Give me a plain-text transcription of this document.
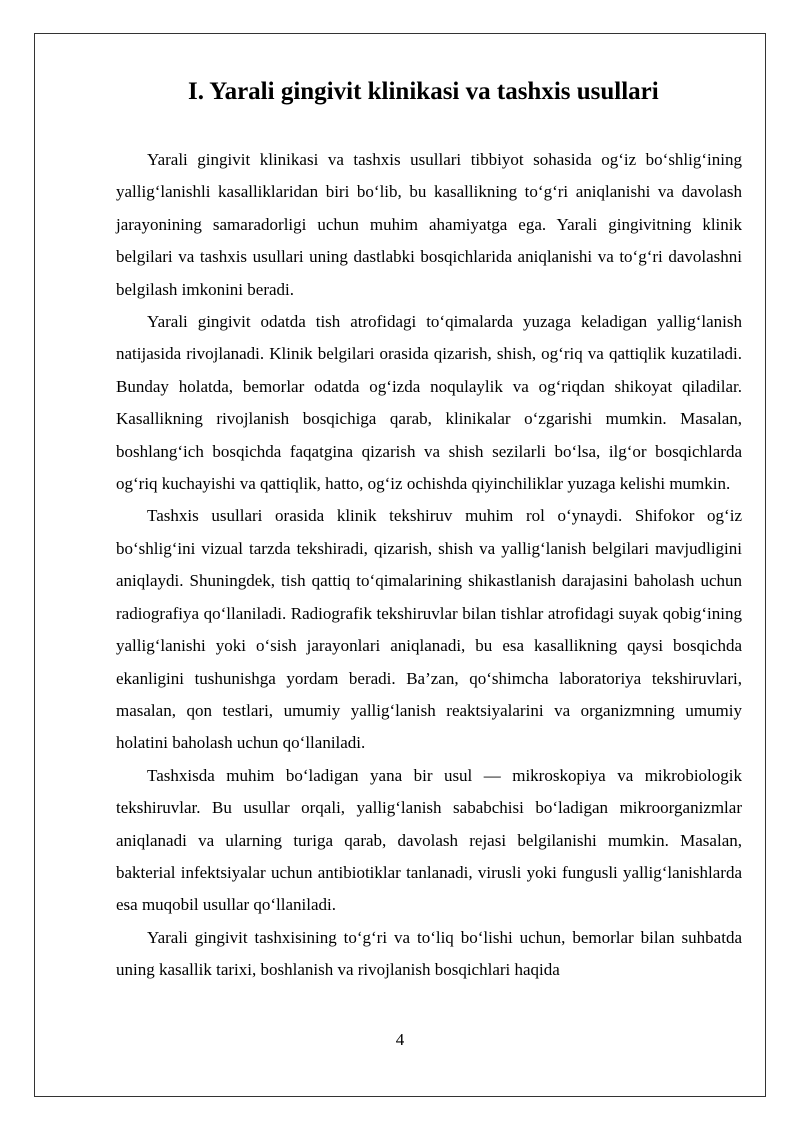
I. Yarali gingivit klinikasi va tashxis usullari

Yarali gingivit klinikasi va tashxis usullari tibbiyot sohasida og‘iz bo‘shlig‘ining yallig‘lanishli kasalliklaridan biri bo‘lib, bu kasallikning to‘g‘ri aniqlanishi va davolash jarayonining samaradorligi uchun muhim ahamiyatga ega. Yarali gingivitning klinik belgilari va tashxis usullari uning dastlabki bosqichlarida aniqlanishi va to‘g‘ri davolashni belgilash imkonini beradi.

Yarali gingivit odatda tish atrofidagi to‘qimalarda yuzaga keladigan yallig‘lanish natijasida rivojlanadi. Klinik belgilari orasida qizarish, shish, og‘riq va qattiqlik kuzatiladi. Bunday holatda, bemorlar odatda og‘izda noqulaylik va og‘riqdan shikoyat qiladilar. Kasallikning rivojlanish bosqichiga qarab, klinikalar o‘zgarishi mumkin. Masalan, boshlang‘ich bosqichda faqatgina qizarish va shish sezilarli bo‘lsa, ilg‘or bosqichlarda og‘riq kuchayishi va qattiqlik, hatto, og‘iz ochishda qiyinchiliklar yuzaga kelishi mumkin.

Tashxis usullari orasida klinik tekshiruv muhim rol o‘ynaydi. Shifokor og‘iz bo‘shlig‘ini vizual tarzda tekshiradi, qizarish, shish va yallig‘lanish belgilari mavjudligini aniqlaydi. Shuningdek, tish qattiq to‘qimalarining shikastlanish darajasini baholash uchun radiografiya qo‘llaniladi. Radiografik tekshiruvlar bilan tishlar atrofidagi suyak qobig‘ining yallig‘lanishi yoki o‘sish jarayonlari aniqlanadi, bu esa kasallikning qaysi bosqichda ekanligini tushunishga yordam beradi. Ba’zan, qo‘shimcha laboratoriya tekshiruvlari, masalan, qon testlari, umumiy yallig‘lanish reaktsiyalarini va organizmning umumiy holatini baholash uchun qo‘llaniladi.

Tashxisda muhim bo‘ladigan yana bir usul — mikroskopiya va mikrobiologik tekshiruvlar. Bu usullar orqali, yallig‘lanish sababchisi bo‘ladigan mikroorganizmlar aniqlanadi va ularning turiga qarab, davolash rejasi belgilanishi mumkin. Masalan, bakterial infektsiyalar uchun antibiotiklar tanlanadi, virusli yoki fungusli yallig‘lanishlarda esa muqobil usullar qo‘llaniladi.

Yarali gingivit tashxisining to‘g‘ri va to‘liq bo‘lishi uchun, bemorlar bilan suhbatda uning kasallik tarixi, boshlanish va rivojlanish bosqichlari haqida

4
